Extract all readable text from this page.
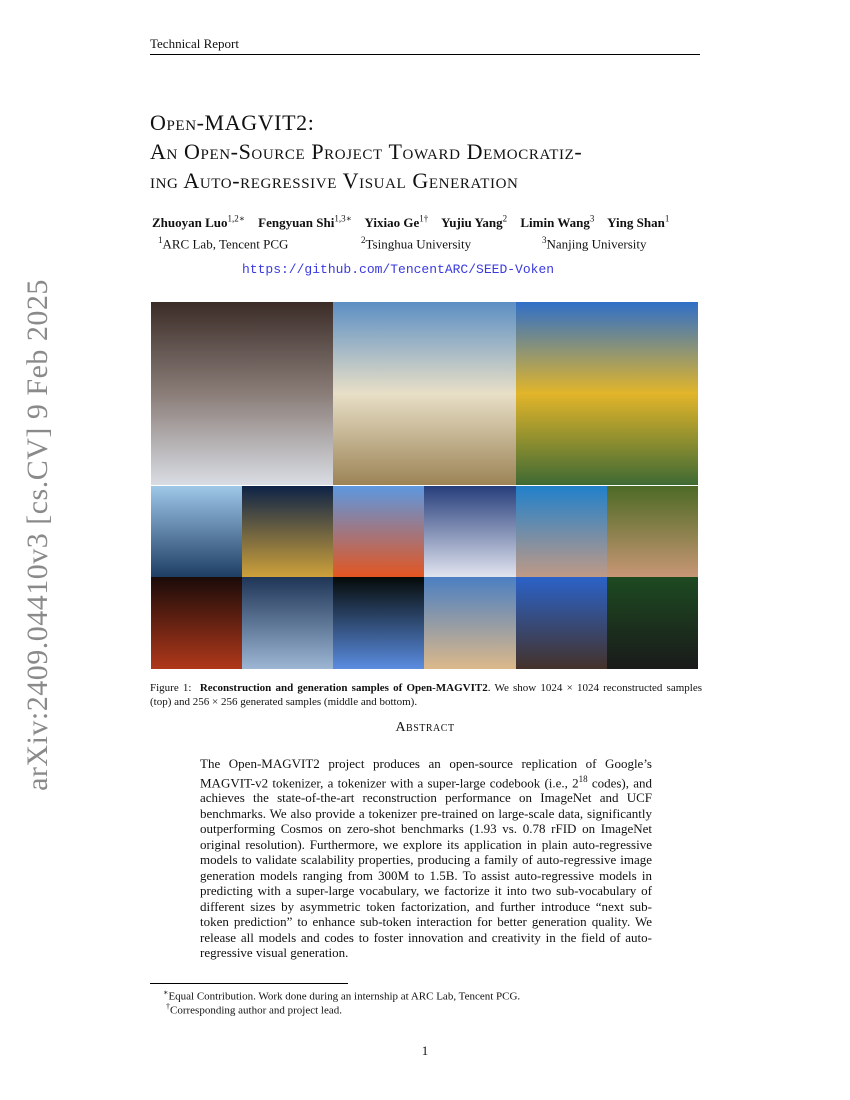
Technical Report
Open-MAGVIT2:
An Open-Source Project Toward Democratiz-
ing Auto-regressive Visual Generation
Zhuoyan Luo$^{1,2∗}$ Fengyuan Shi$^{1,3∗}$ Yixiao $Ge^{1\dagger}$ Yujiu Yang$^2$ Limin Wang$^3$ Ying Shan$^1$
$^1$ARC Lab, Tencent PCG	$^2$Tsinghua University	$^3$Nanjing University
https://github.com/TencentARC/SEED-Voken
arXiv:2409.04410v3 [cs.CV] 9 Feb 2025	Figure 1: Reconstruction and generation samples of Open-MAGVIT2. We show 1024 × 1024 reconstructed samples (top) and 256 × 256 generated samples (middle and bottom).
Abstract
The Open-MAGVIT2 project produces an open-source replication of Google’s MAGVIT-v2 tokenizer, a tokenizer with a super-large codebook (i.e., $2^{18}$ codes), and achieves the state-of-the-art reconstruction performance on ImageNet and UCF benchmarks. We also provide a tokenizer pre-trained on large-scale data, significantly outperforming Cosmos on zero-shot benchmarks (1.93 vs. 0.78 rFID on ImageNet original resolution). Furthermore, we explore its application in plain auto-regressive models to validate scalability properties, producing a family of auto-regressive image generation models ranging from 300M to 1.5B. To assist auto-regressive models in predicting with a super-large vocabulary, we factorize it into two sub-vocabulary of different sizes by asymmetric token factorization, and further introduce “next sub-token prediction” to enhance sub-token interaction for better generation quality. We release all models and codes to foster innovation and creativity in the field of auto-regressive visual generation.
∗Equal Contribution. Work done during an internship at ARC Lab, Tencent PCG.
†Corresponding author and project lead.
1
